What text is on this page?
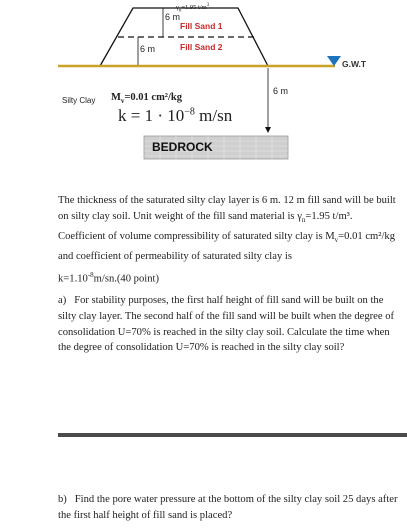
$\gamma_n=1.95$ $t/m^3$
6 m
Fill Sand 1
6 m	Fill Sand 2
G.W.T
Silty Clay $M_v=0.01$ cm²/kg
$k = 1 \cdot 10^{-8}$ m/sn
6 m
BEDROCK
The thickness of the saturated silty clay layer is 6 m. 12 m fill sand will be built on silty clay soil. Unit weight of the fill sand material is $\gamma_n=1.95$ t/m³. Coefficient of volume compressibility of saturated silty clay is $M_v=0.01$ cm²/kg and coefficient of permeability of saturated silty clay is
$k=1.10^{-8}m/sn.(40$ point)
a) For stability purposes, the first half height of fill sand will be built on the silty clay layer. The second half of the fill sand will be built when the degree of consolidation U=70% is reached in the silty clay soil. Calculate the time when the degree of consolidation U=70% is reached in the silty clay soil?
b) Find the pore water pressure at the bottom of the silty clay soil 25 days after the first half height of fill sand is placed?
